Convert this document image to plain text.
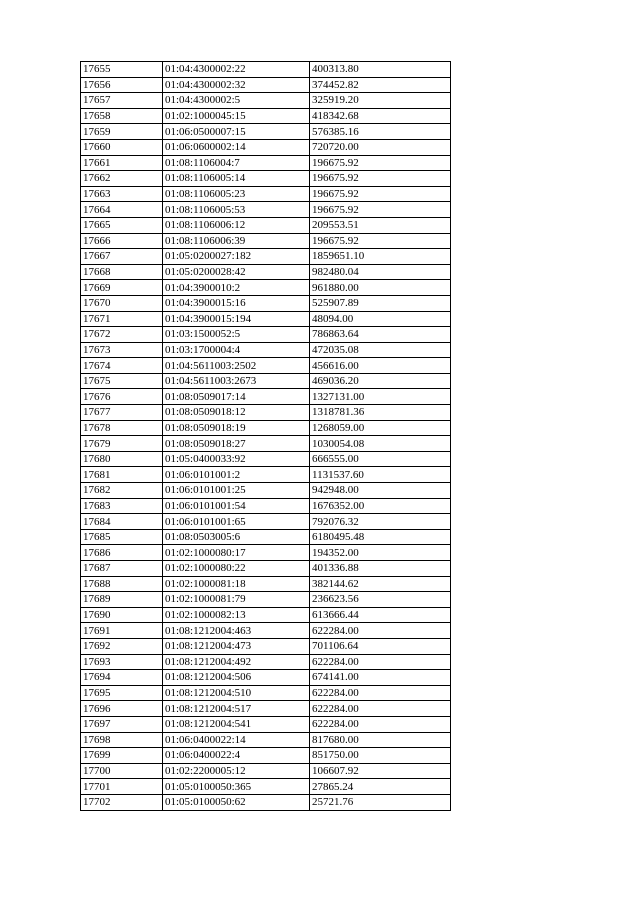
17655	01:04:4300002:22	400313.80
17656	01:04:4300002:32	374452.82
17657	01:04:4300002:5	325919.20
17658	01:02:1000045:15	418342.68
17659	01:06:0500007:15	576385.16
17660	01:06:0600002:14	720720.00
17661	01:08:1106004:7	196675.92
17662	01:08:1106005:14	196675.92
17663	01:08:1106005:23	196675.92
17664	01:08:1106005:53	196675.92
17665	01:08:1106006:12	209553.51
17666	01:08:1106006:39	196675.92
17667	01:05:0200027:182	1859651.10
17668	01:05:0200028:42	982480.04
17669	01:04:3900010:2	961880.00
17670	01:04:3900015:16	525907.89
17671	01:04:3900015:194	48094.00
17672	01:03:1500052:5	786863.64
17673	01:03:1700004:4	472035.08
17674	01:04:5611003:2502	456616.00
17675	01:04:5611003:2673	469036.20
17676	01:08:0509017:14	1327131.00
17677	01:08:0509018:12	1318781.36
17678	01:08:0509018:19	1268059.00
17679	01:08:0509018:27	1030054.08
17680	01:05:0400033:92	666555.00
17681	01:06:0101001:2	1131537.60
17682	01:06:0101001:25	942948.00
17683	01:06:0101001:54	1676352.00
17684	01:06:0101001:65	792076.32
17685	01:08:0503005:6	6180495.48
17686	01:02:1000080:17	194352.00
17687	01:02:1000080:22	401336.88
17688	01:02:1000081:18	382144.62
17689	01:02:1000081:79	236623.56
17690	01:02:1000082:13	613666.44
17691	01:08:1212004:463	622284.00
17692	01:08:1212004:473	701106.64
17693	01:08:1212004:492	622284.00
17694	01:08:1212004:506	674141.00
17695	01:08:1212004:510	622284.00
17696	01:08:1212004:517	622284.00
17697	01:08:1212004:541	622284.00
17698	01:06:0400022:14	817680.00
17699	01:06:0400022:4	851750.00
17700	01:02:2200005:12	106607.92
17701	01:05:0100050:365	27865.24
17702	01:05:0100050:62	25721.76
